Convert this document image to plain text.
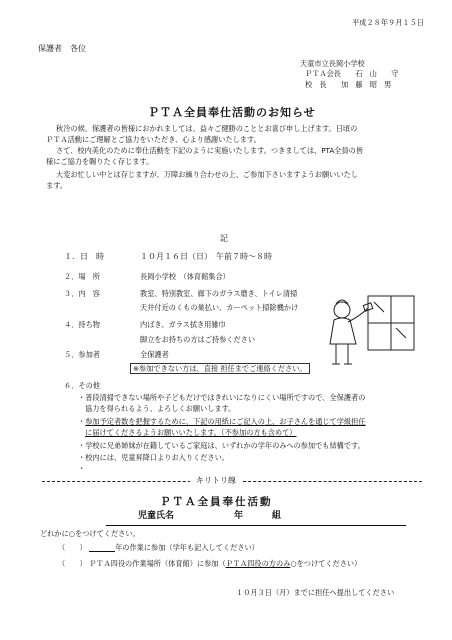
平成２８年９月１５日
保護者　各位
天童市立長岡小学校
ＰＴＡ会長　　石　山　　守
校　長　　加　藤　昭　男
ＰＴＡ全員奉仕活動のお知らせ
秋冷の候、保護者の皆様におかれましては、益々ご健勝のこととお喜び申し上げます。日頃の
ＰＴＡ活動にご理解とご協力をいただき、心より感謝いたします。
さて、校内美化のために奉仕活動を下記のように実施いたします。つきましては、PTA全員の皆
様にご協力を賜りたく存じます。
大変お忙しい中とは存じますが、万障お繰り合わせの上、ご参加下さいますようお願いいたし
ます。
記
１．日　時	１０月１６日（日）　午前７時～８時
２．場　所	長岡小学校　（体育館集合）
３．内　容	教室、特別教室、廊下のガラス磨き、トイレ清掃
天井付近のくもの巣払い、カーペット掃除機かけ
４．持ち物	内ばき、ガラス拭き用雑巾
脚立をお持ちの方はご持参ください
５．参加者	全保護者
※参加できない方は、直接 担任までご連絡ください。
６．その他
・普段清掃できない場所や子どもだけではきれいになりにくい場所ですので、全保護者の
協力を得られるよう、よろしくお願いします。
・参加予定者数を把握するために、下記の用紙にご記入の上、お子さんを通じて学級担任
に届けてくださるようお願いいたします。（不参加の方も含めて）
・学校に兄弟姉妹が在籍しているご家庭は、いずれかの学年のみへの参加でも結構です。
・校内には、児童昇降口よりお入りください。
・
キリトリ線
ＰＴＡ全員奉仕活動
児童氏名	年	組
どれかに○をつけてください。
（　　）	年の作業に参加（学年も記入してください）
（　　） ＰＴＡ四役の作業場所（体育館）に参加（ＰＴＡ四役の方のみ○をつけてください）
１０月３日（月）までに担任へ提出してください
